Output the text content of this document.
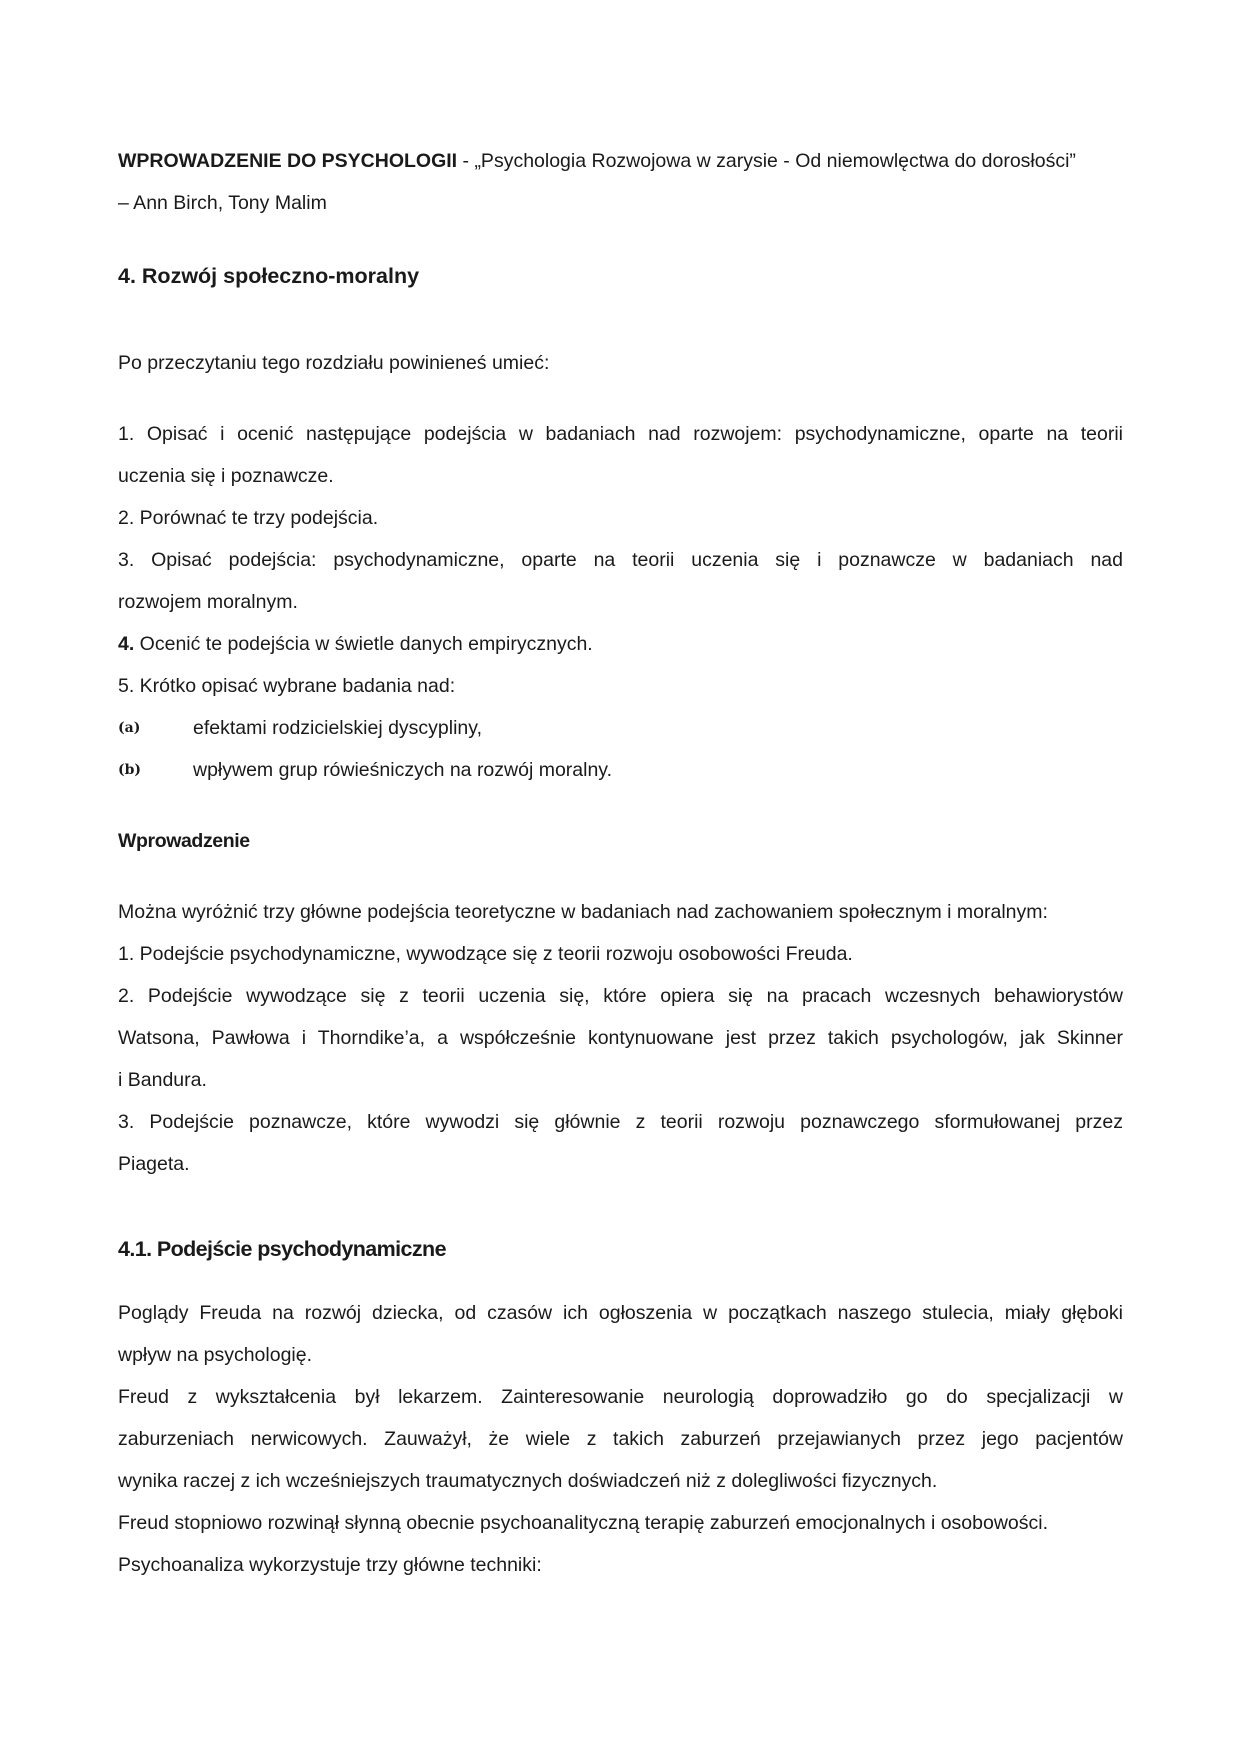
WPROWADZENIE DO PSYCHOLOGII - „Psychologia Rozwojowa w zarysie - Od niemowlęctwa do dorosłości”
– Ann Birch, Tony Malim
4. Rozwój społeczno-moralny
Po przeczytaniu tego rozdziału powinieneś umieć:
1. Opisać i ocenić następujące podejścia w badaniach nad rozwojem: psychodynamiczne, oparte na teorii
uczenia się i poznawcze.
2. Porównać te trzy podejścia.
3. Opisać podejścia: psychodynamiczne, oparte na teorii uczenia się i poznawcze w badaniach nad
rozwojem moralnym.
4. Ocenić te podejścia w świetle danych empirycznych.
5. Krótko opisać wybrane badania nad:
(a)	efektami rodzicielskiej dyscypliny,
(b)	wpływem grup rówieśniczych na rozwój moralny.
Wprowadzenie
Można wyróżnić trzy główne podejścia teoretyczne w badaniach nad zachowaniem społecznym i moralnym:
1. Podejście psychodynamiczne, wywodzące się z teorii rozwoju osobowości Freuda.
2. Podejście wywodzące się z teorii uczenia się, które opiera się na pracach wczesnych behawiorystów
Watsona, Pawłowa i Thorndike’a, a współcześnie kontynuowane jest przez takich psychologów, jak Skinner
i Bandura.
3. Podejście poznawcze, które wywodzi się głównie z teorii rozwoju poznawczego sformułowanej przez
Piageta.
4.1. Podejście psychodynamiczne
Poglądy Freuda na rozwój dziecka, od czasów ich ogłoszenia w początkach naszego stulecia, miały głęboki
wpływ na psychologię.
Freud z wykształcenia był lekarzem. Zainteresowanie neurologią doprowadziło go do specjalizacji w
zaburzeniach nerwicowych. Zauważył, że wiele z takich zaburzeń przejawianych przez jego pacjentów
wynika raczej z ich wcześniejszych traumatycznych doświadczeń niż z dolegliwości fizycznych.
Freud stopniowo rozwinął słynną obecnie psychoanalityczną terapię zaburzeń emocjonalnych i osobowości.
Psychoanaliza wykorzystuje trzy główne techniki:
